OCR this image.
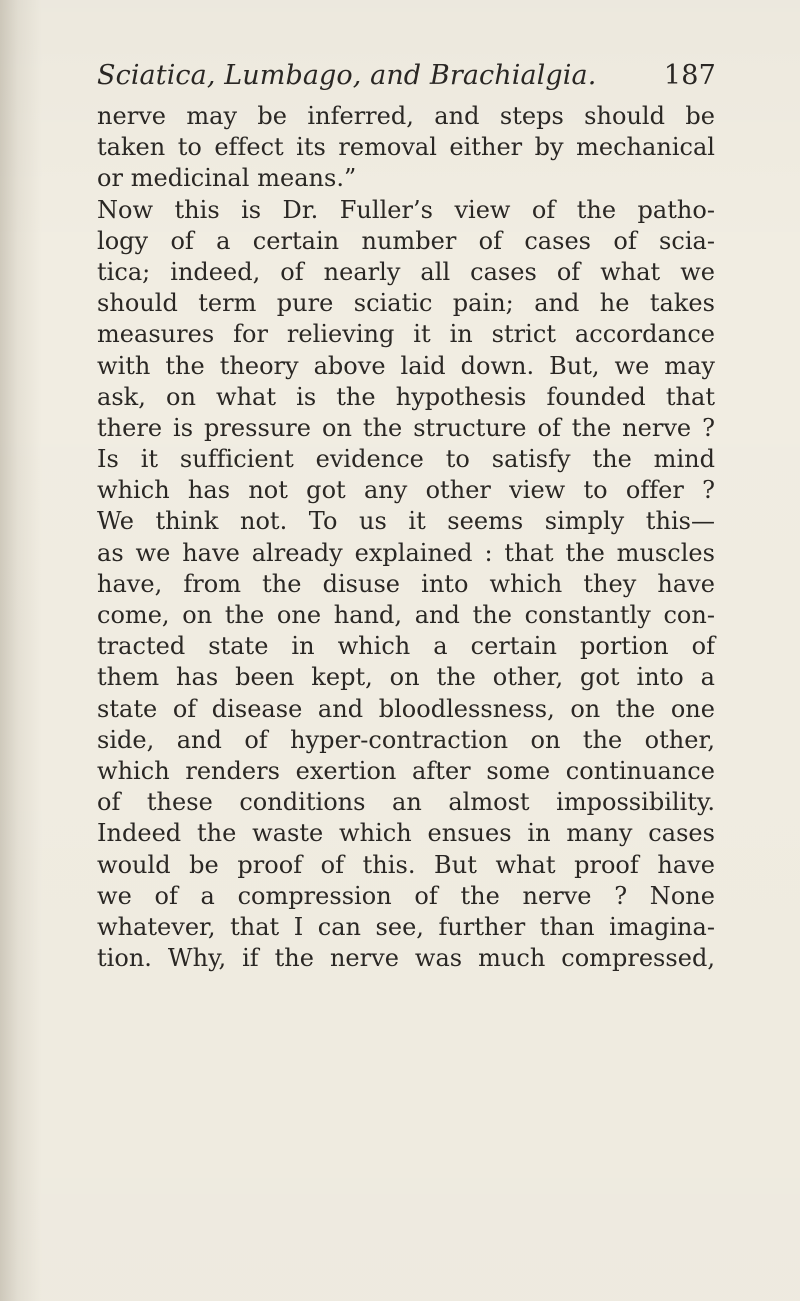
Sciatica, Lumbago, and Brachialgia. 187
nerve may be inferred, and steps should be
taken to effect its removal either by mechanical
or medicinal means.”
Now this is Dr. Fuller’s view of the patho-
logy of a certain number of cases of scia-
tica; indeed, of nearly all cases of what we
should term pure sciatic pain; and he takes
measures for relieving it in strict accordance
with the theory above laid down. But, we may
ask, on what is the hypothesis founded that
there is pressure on the structure of the nerve ?
Is it sufficient evidence to satisfy the mind
which has not got any other view to offer ?
We think not. To us it seems simply this—
as we have already explained : that the muscles
have, from the disuse into which they have
come, on the one hand, and the constantly con-
tracted state in which a certain portion of
them has been kept, on the other, got into a
state of disease and bloodlessness, on the one
side, and of hyper-contraction on the other,
which renders exertion after some continuance
of these conditions an almost impossibility.
Indeed the waste which ensues in many cases
would be proof of this. But what proof have
we of a compression of the nerve ? None
whatever, that I can see, further than imagina-
tion. Why, if the nerve was much compressed,
